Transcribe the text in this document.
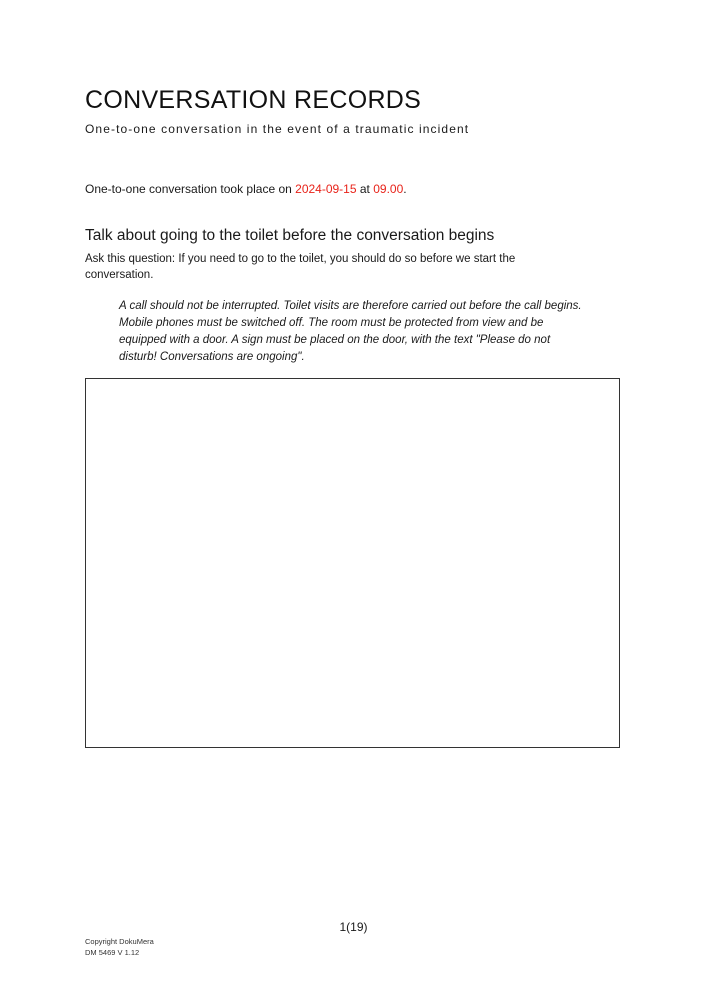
CONVERSATION RECORDS
One-to-one conversation in the event of a traumatic incident
One-to-one conversation took place on 2024-09-15 at 09.00.
Talk about going to the toilet before the conversation begins

Ask this question: If you need to go to the toilet, you should do so before we start the conversation.

A call should not be interrupted. Toilet visits are therefore carried out before the call begins. Mobile phones must be switched off. The room must be protected from view and be equipped with a door. A sign must be placed on the door, with the text "Please do not disturb! Conversations are ongoing".

1(19)
Copyright DokuMera
DM 5469 V 1.12
